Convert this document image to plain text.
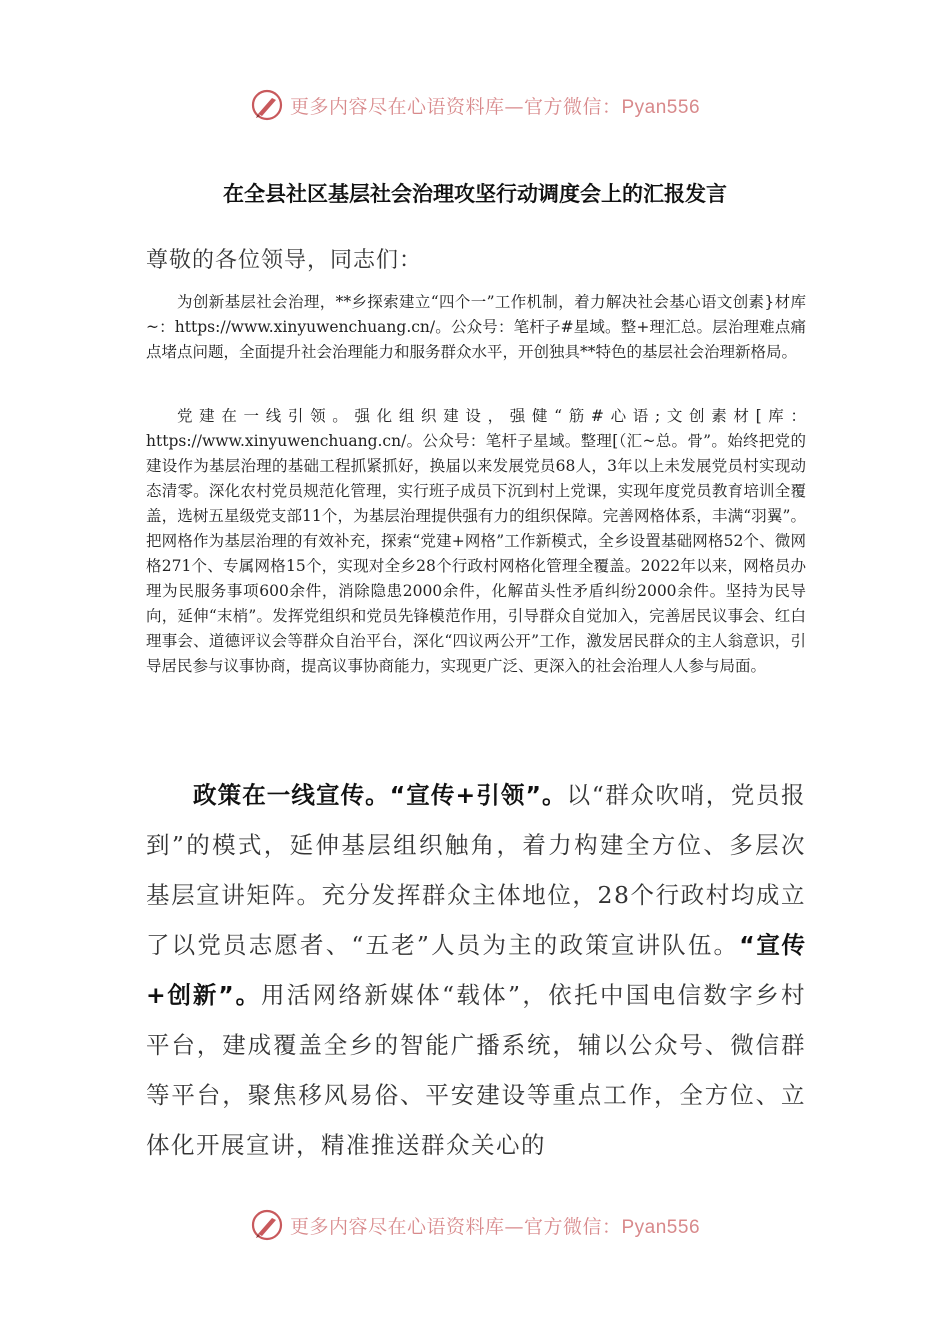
更多内容尽在心语资料库— 官方微信：Pyan556
在全县社区基层社会治理攻坚行动调度会上的汇报发言
尊敬的各位领导，同志们：

为创新基层社会治理，**乡探索建立“四个一”工作机制，着力解决社会基心语文创素}材库~：https://www.xinyuwenchuang.cn/。公众号：笔杆子#星域。整+理汇总。层治理难点痛点堵点问题，全面提升社会治理能力和服务群众水平，开创独具**特色的基层社会治理新格局。

党建在一线引领。强化组织建设，强健“筋#心语;文创素材[库：https://www.xinyuwenchuang.cn/。公众号：笔杆子星域。整理[（汇~总。骨”。始终把党的建设作为基层治理的基础工程抓紧抓好，换届以来发展党员68人，3年以上未发展党员村实现动态清零。深化农村党员规范化管理，实行班子成员下沉到村上党课，实现年度党员教育培训全覆盖，选树五星级党支部11个，为基层治理提供强有力的组织保障。完善网格体系，丰满“羽翼”。把网格作为基层治理的有效补充，探索“党建+网格”工作新模式，全乡设置基础网格52个、微网格271个、专属网格15个，实现对全乡28个行政村网格化管理全覆盖。2022年以来，网格员办理为民服务事项600余件，消除隐患2000余件，化解苗头性矛盾纠纷2000余件。坚持为民导向，延伸“末梢”。发挥党组织和党员先锋模范作用，引导群众自觉加入，完善居民议事会、红白理事会、道德评议会等群众自治平台，深化“四议两公开”工作，激发居民群众的主人翁意识，引导居民参与议事协商，提高议事协商能力，实现更广泛、更深入的社会治理人人参与局面。

政策在一线宣传。“宣传+引领”。以“群众吹哨，党员报到”的模式，延伸基层组织触角，着力构建全方位、多层次基层宣讲矩阵。充分发挥群众主体地位，28个行政村均成立了以党员志愿者、“五老”人员为主的政策宣讲队伍。“宣传+创新”。用活网络新媒体“载体”，依托中国电信数字乡村平台，建成覆盖全乡的智能广播系统，辅以公众号、微信群等平台，聚焦移风易俗、平安建设等重点工作，全方位、立体化开展宣讲，精准推送群众关心的

更多内容尽在心语资料库— 官方微信：Pyan556
